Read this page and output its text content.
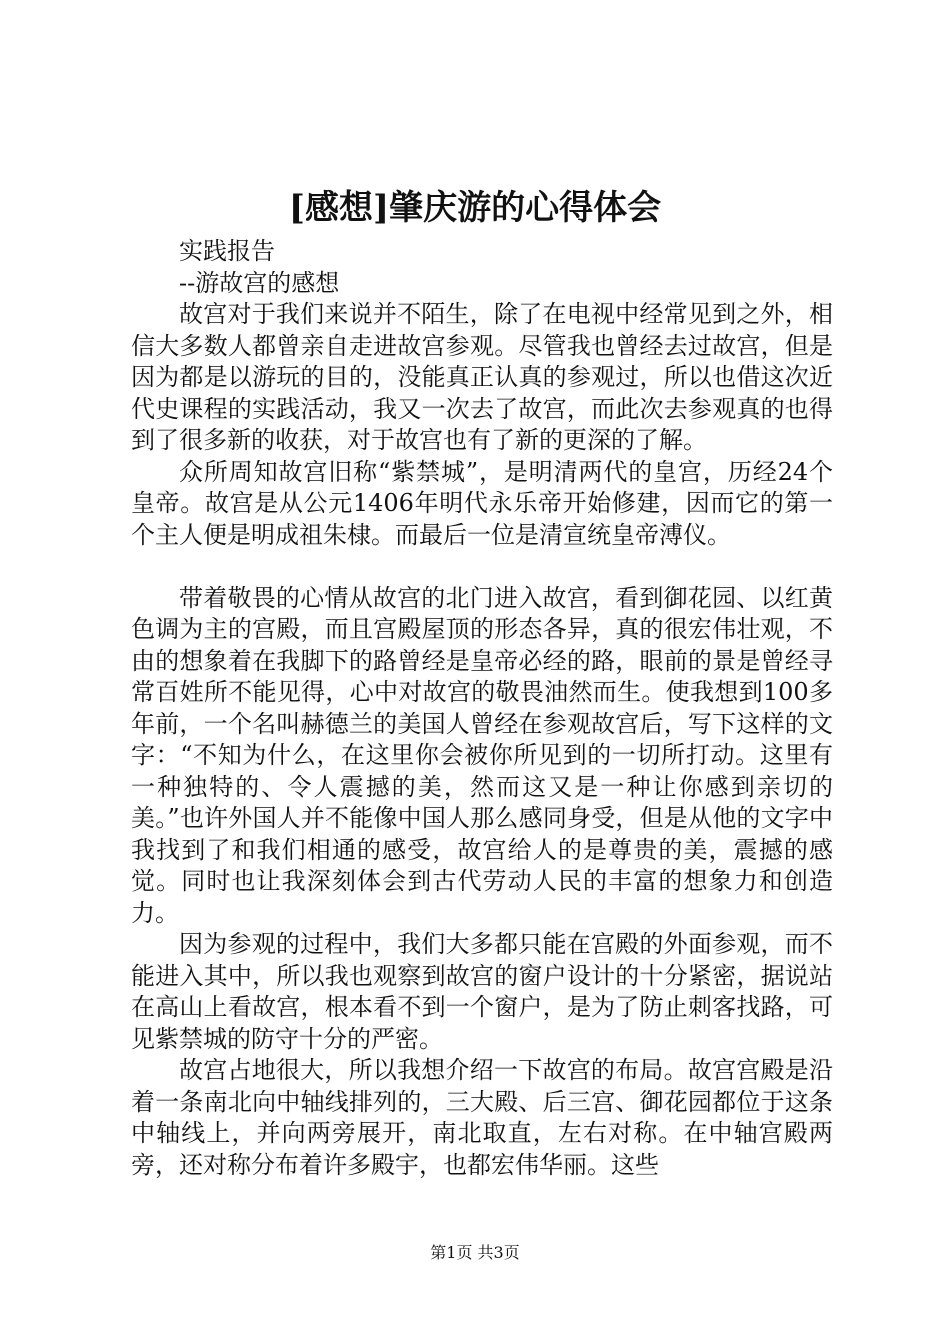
[感想]肇庆游的心得体会

实践报告

--游故宫的感想

故宫对于我们来说并不陌生，除了在电视中经常见到之外，相信大多数人都曾亲自走进故宫参观。尽管我也曾经去过故宫，但是因为都是以游玩的目的，没能真正认真的参观过，所以也借这次近代史课程的实践活动，我又一次去了故宫，而此次去参观真的也得到了很多新的收获，对于故宫也有了新的更深的了解。

众所周知故宫旧称“紫禁城”，是明清两代的皇宫，历经24个皇帝。故宫是从公元1406年明代永乐帝开始修建，因而它的第一个主人便是明成祖朱棣。而最后一位是清宣统皇帝溥仪。

带着敬畏的心情从故宫的北门进入故宫，看到御花园、以红黄色调为主的宫殿，而且宫殿屋顶的形态各异，真的很宏伟壮观，不由的想象着在我脚下的路曾经是皇帝必经的路，眼前的景是曾经寻常百姓所不能见得，心中对故宫的敬畏油然而生。使我想到100多年前，一个名叫赫德兰的美国人曾经在参观故宫后，写下这样的文字：“不知为什么，在这里你会被你所见到的一切所打动。这里有一种独特的、令人震撼的美，然而这又是一种让你感到亲切的美。”也许外国人并不能像中国人那么感同身受，但是从他的文字中我找到了和我们相通的感受，故宫给人的是尊贵的美，震撼的感觉。同时也让我深刻体会到古代劳动人民的丰富的想象力和创造力。

因为参观的过程中，我们大多都只能在宫殿的外面参观，而不能进入其中，所以我也观察到故宫的窗户设计的十分紧密，据说站在高山上看故宫，根本看不到一个窗户，是为了防止刺客找路，可见紫禁城的防守十分的严密。

故宫占地很大，所以我想介绍一下故宫的布局。故宫宫殿是沿着一条南北向中轴线排列的，三大殿、后三宫、御花园都位于这条中轴线上，并向两旁展开，南北取直，左右对称。在中轴宫殿两旁，还对称分布着许多殿宇，也都宏伟华丽。这些

第1页 共3页
